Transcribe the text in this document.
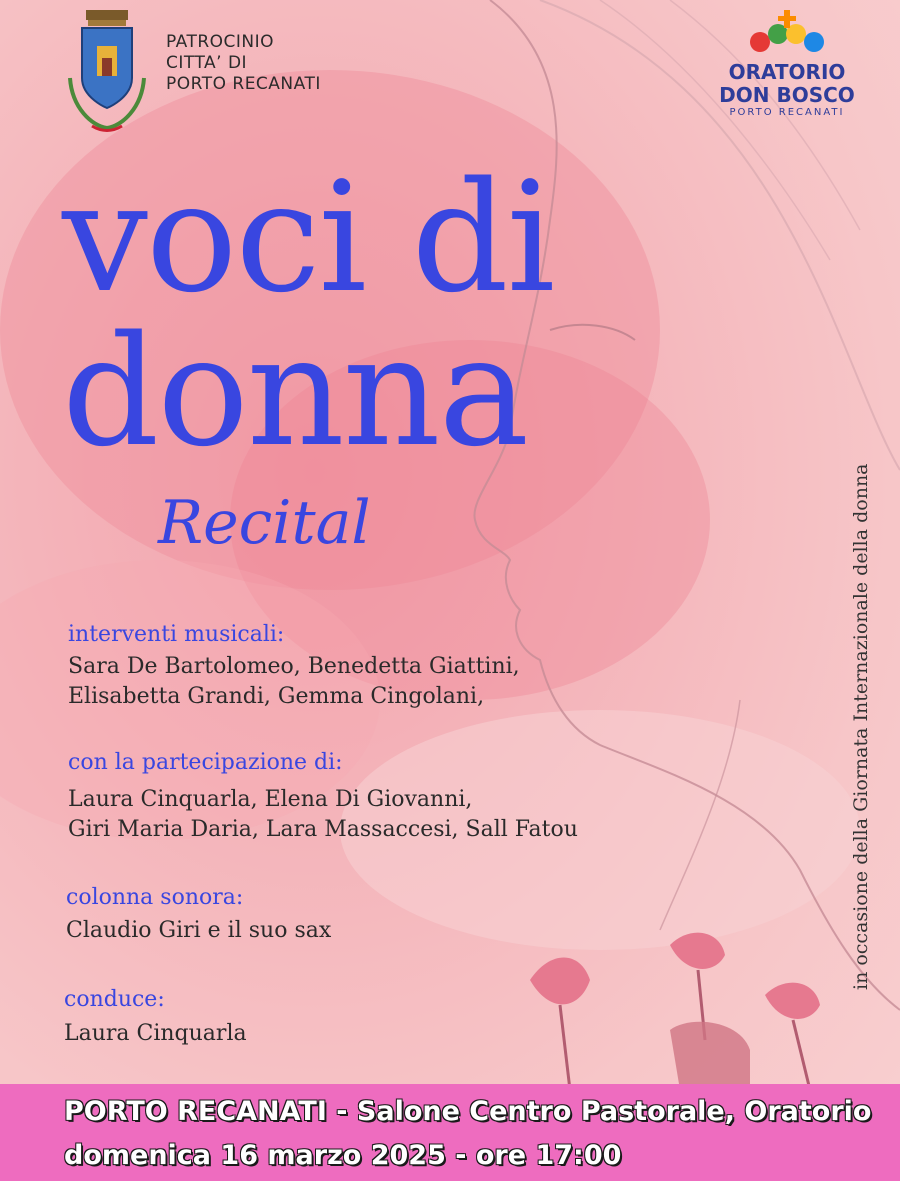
PATROCINIO
CITTA’ DI
PORTO RECANATI	ORATORIO
DON BOSCO
PORTO RECANATI
voci di
donna

Recital

interventi musicali:

Sara De Bartolomeo, Benedetta Giattini,
Elisabetta Grandi, Gemma Cingolani,

con la partecipazione di:

Laura Cinquarla, Elena Di Giovanni,
Giri Maria Daria, Lara Massaccesi, Sall Fatou

colonna sonora:

Claudio Giri e il suo sax

conduce:

Laura Cinquarla

in occasione della Giornata Internazionale della donna

PORTO RECANATI - Salone Centro Pastorale, Oratorio

domenica 16 marzo 2025 - ore 17:00
